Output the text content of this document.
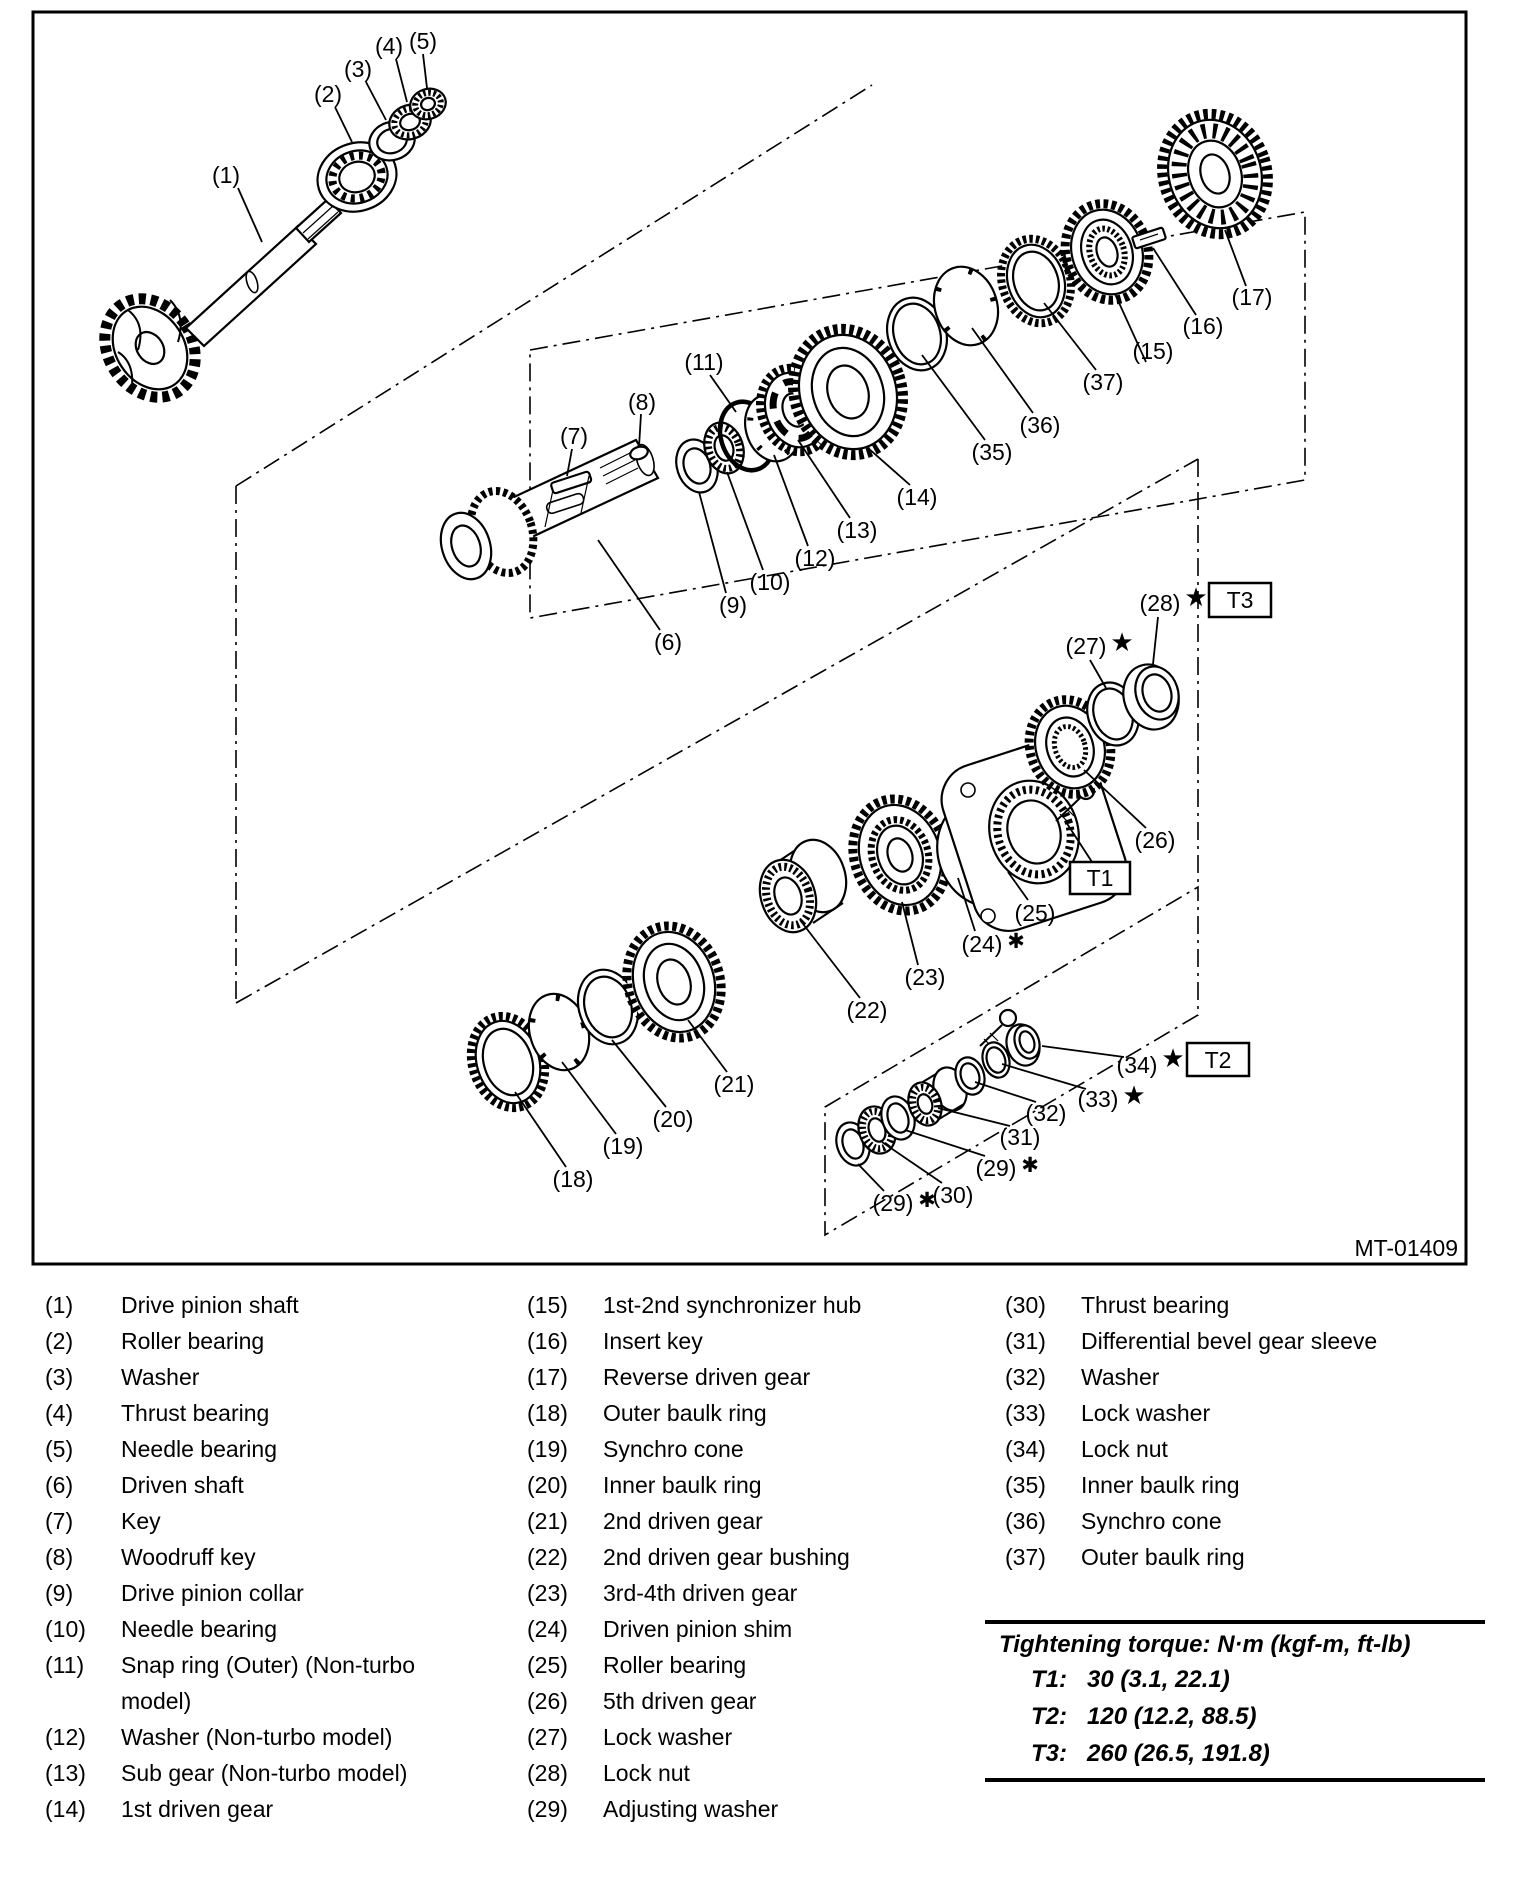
(1)
(2)
(3)
(4) (5)
(6)
(7)
(8)
(9)
(10)
(11)
(12)
(13)
(14)
(15)
(16)
(17)
(18)
(19)
(20)
(21)
(22)
(23)
(24) ✱
(25)
(26)
(27) ★
(28) ★
(29) ✱
(30)
(29) ✱
(31)
(32)
(33) ★
(34) ★
(35)
(36)
(37)
T3
T1
T2
MT-01409
(1)	Drive pinion shaft
(2)	Roller bearing
(3)	Washer
(4)	Thrust bearing
(5)	Needle bearing
(6)	Driven shaft
(7)	Key
(8)	Woodruff key
(9)	Drive pinion collar
(10)	Needle bearing
(11)	Snap ring (Outer) (Non-turbo
model)
(12)	Washer (Non-turbo model)
(13)	Sub gear (Non-turbo model)
(14)	1st driven gear
(15)	1st-2nd synchronizer hub
(16)	Insert key
(17)	Reverse driven gear
(18)	Outer baulk ring
(19)	Synchro cone
(20)	Inner baulk ring
(21)	2nd driven gear
(22)	2nd driven gear bushing
(23)	3rd-4th driven gear
(24)	Driven pinion shim
(25)	Roller bearing
(26)	5th driven gear
(27)	Lock washer
(28)	Lock nut
(29)	Adjusting washer
(30)	Thrust bearing
(31)	Differential bevel gear sleeve
(32)	Washer
(33)	Lock washer
(34)	Lock nut
(35)	Inner baulk ring
(36)	Synchro cone
(37)	Outer baulk ring
Tightening torque: N·m (kgf-m, ft-lb)
T1: 30 (3.1, 22.1)
T2: 120 (12.2, 88.5)
T3: 260 (26.5, 191.8)
